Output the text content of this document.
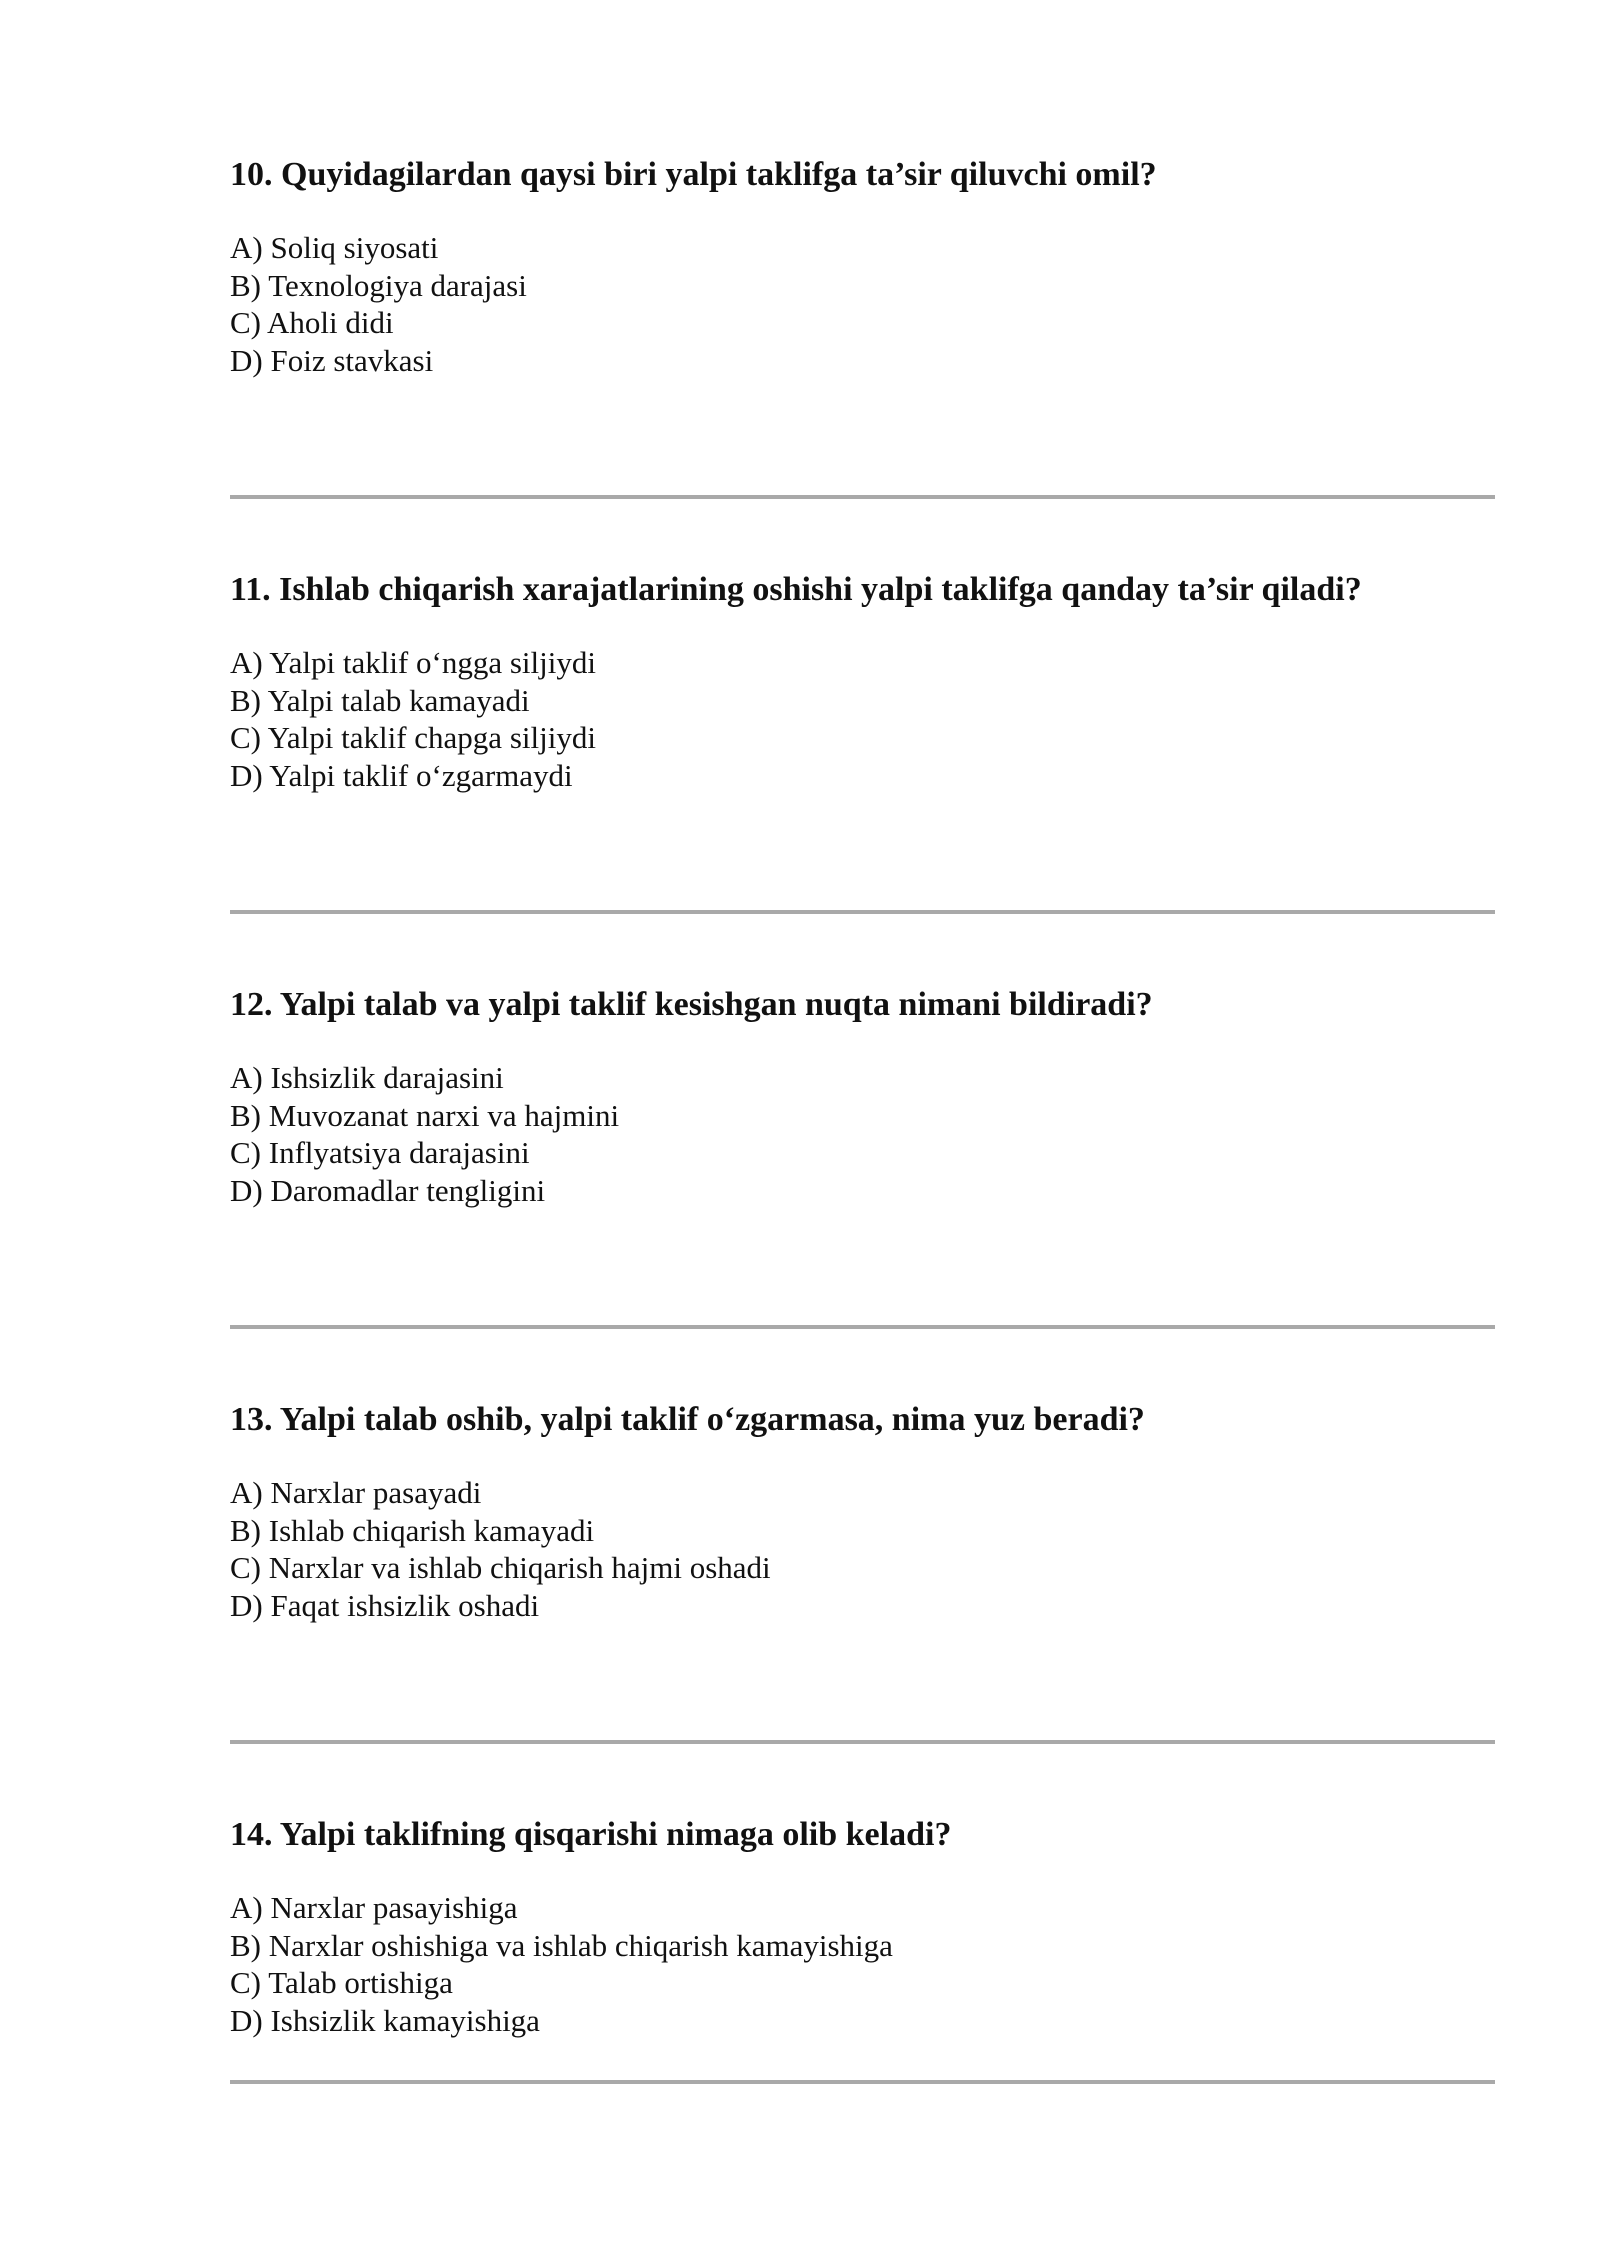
10. Quyidagilardan qaysi biri yalpi taklifga ta’sir qiluvchi omil?
A) Soliq siyosati
B) Texnologiya darajasi
C) Aholi didi
D) Foiz stavkasi
11. Ishlab chiqarish xarajatlarining oshishi yalpi taklifga qanday ta’sir qiladi?
A) Yalpi taklif o‘ngga siljiydi
B) Yalpi talab kamayadi
C) Yalpi taklif chapga siljiydi
D) Yalpi taklif o‘zgarmaydi
12. Yalpi talab va yalpi taklif kesishgan nuqta nimani bildiradi?
A) Ishsizlik darajasini
B) Muvozanat narxi va hajmini
C) Inflyatsiya darajasini
D) Daromadlar tengligini
13. Yalpi talab oshib, yalpi taklif o‘zgarmasa, nima yuz beradi?
A) Narxlar pasayadi
B) Ishlab chiqarish kamayadi
C) Narxlar va ishlab chiqarish hajmi oshadi
D) Faqat ishsizlik oshadi
14. Yalpi taklifning qisqarishi nimaga olib keladi?
A) Narxlar pasayishiga
B) Narxlar oshishiga va ishlab chiqarish kamayishiga
C) Talab ortishiga
D) Ishsizlik kamayishiga
